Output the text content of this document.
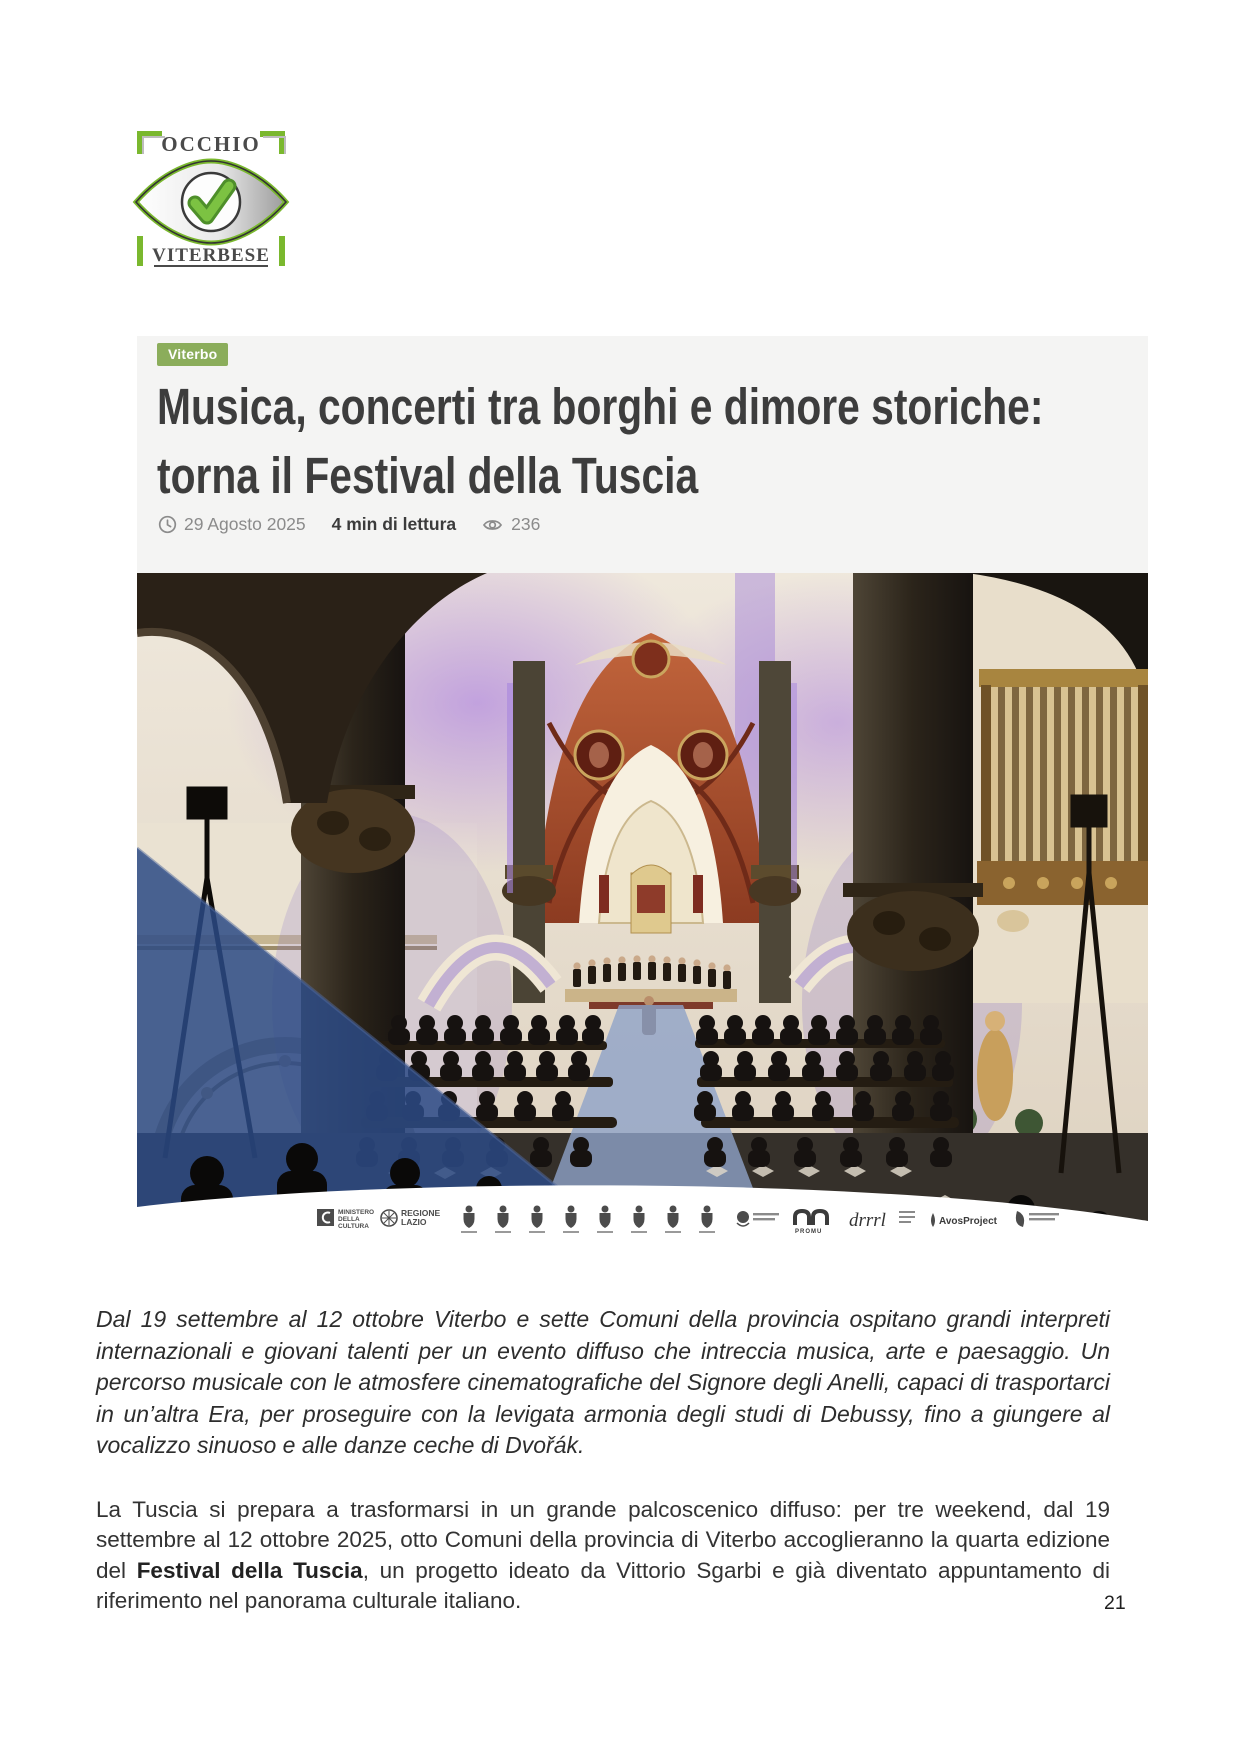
OCCHIO
VITERBESE
Viterbo
Musica, concerti tra borghi e dimore storiche:
torna il Festival della Tuscia
29 Agosto 2025 4 min di lettura	236
MINISTERO
DELLA
CULTURA
REGIONE
LAZIO
PROMU
drrrl	AvosProject

Dal 19 settembre al 12 ottobre Viterbo e sette Comuni della provincia ospitano grandi interpreti internazionali e giovani talenti per un evento diffuso che intreccia musica, arte e paesaggio. Un percorso musicale con le atmosfere cinematografiche del Signore degli Anelli, capaci di trasportarci in un’altra Era, per proseguire con la levigata armonia degli studi di Debussy, fino a giungere al vocalizzo sinuoso e alle danze ceche di Dvořák.

La Tuscia si prepara a trasformarsi in un grande palcoscenico diffuso: per tre weekend, dal 19 settembre al 12 ottobre 2025, otto Comuni della provincia di Viterbo accoglieranno la quarta edizione del Festival della Tuscia, un progetto ideato da Vittorio Sgarbi e già diventato appuntamento di riferimento nel panorama culturale italiano.	21
